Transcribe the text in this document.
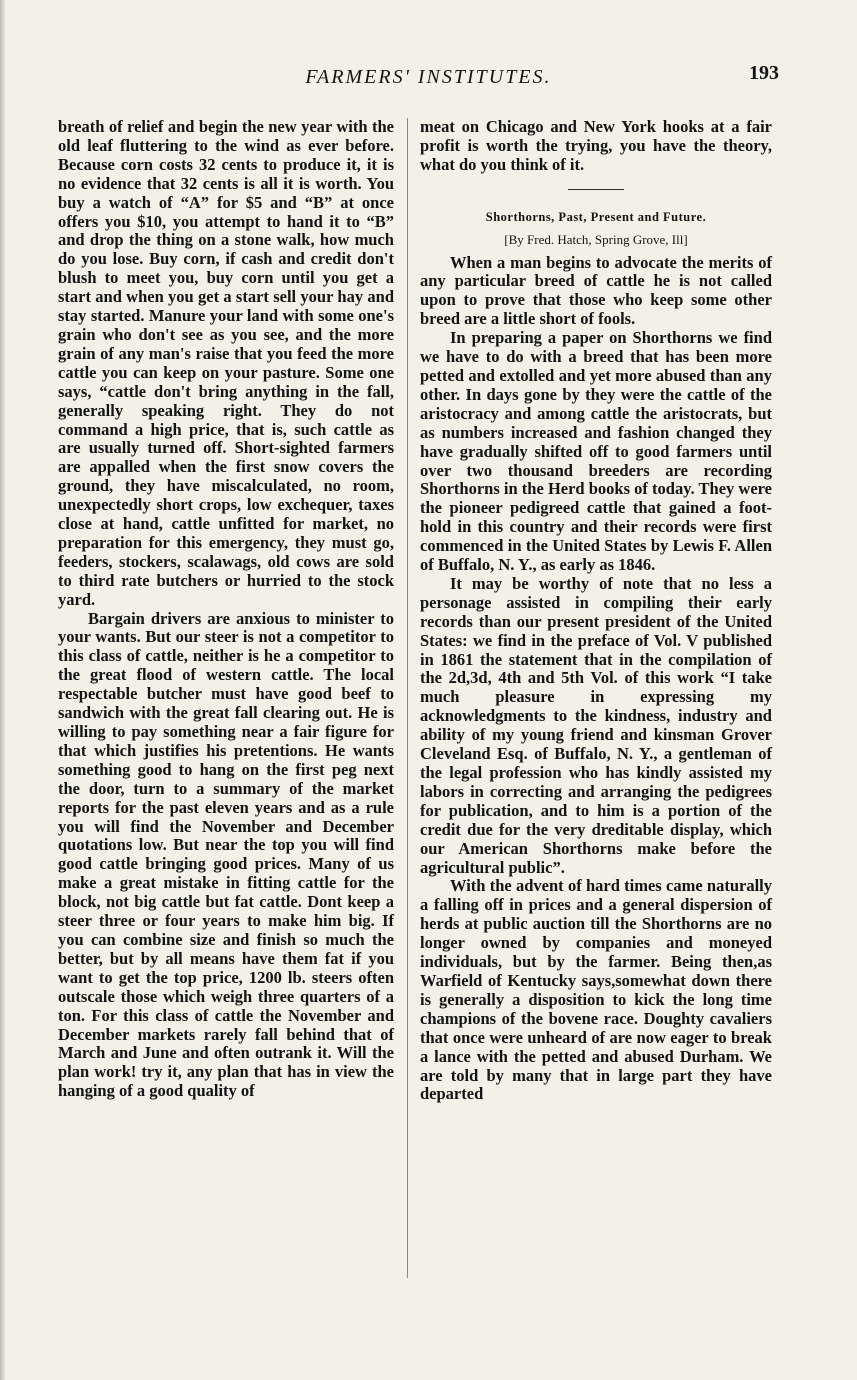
FARMERS' INSTITUTES.	193

breath of relief and begin the new year with the old leaf fluttering to the wind as ever before. Because corn costs 32 cents to produce it, it is no evidence that 32 cents is all it is worth. You buy a watch of “A” for $5 and “B” at once offers you $10, you attempt to hand it to “B” and drop the thing on a stone walk, how much do you lose. Buy corn, if cash and credit don't blush to meet you, buy corn until you get a start and when you get a start sell your hay and stay started. Manure your land with some one's grain who don't see as you see, and the more grain of any man's raise that you feed the more cattle you can keep on your pasture. Some one says, “cattle don't bring anything in the fall, generally speaking right. They do not command a high price, that is, such cattle as are usually turned off. Short-sighted farmers are appalled when the first snow covers the ground, they have miscalculated, no room, unexpectedly short crops, low exchequer, taxes close at hand, cattle unfitted for market, no preparation for this emergency, they must go, feeders, stockers, scalawags, old cows are sold to third rate butchers or hurried to the stock yard.

Bargain drivers are anxious to minister to your wants. But our steer is not a competitor to this class of cattle, neither is he a competitor to the great flood of western cattle. The local respectable butcher must have good beef to sandwich with the great fall clearing out. He is willing to pay something near a fair figure for that which justifies his pretentions. He wants something good to hang on the first peg next the door, turn to a summary of the market reports for the past eleven years and as a rule you will find the November and December quotations low. But near the top you will find good cattle bringing good prices. Many of us make a great mistake in fitting cattle for the block, not big cattle but fat cattle. Dont keep a steer three or four years to make him big. If you can combine size and finish so much the better, but by all means have them fat if you want to get the top price, 1200 lb. steers often outscale those which weigh three quarters of a ton. For this class of cattle the November and December markets rarely fall behind that of March and June and often outrank it. Will the plan work! try it, any plan that has in view the hanging of a good quality of

meat on Chicago and New York hooks at a fair profit is worth the trying, you have the theory, what do you think of it.

Shorthorns, Past, Present and Future.
[By Fred. Hatch, Spring Grove, Ill]

When a man begins to advocate the merits of any particular breed of cattle he is not called upon to prove that those who keep some other breed are a little short of fools.

In preparing a paper on Shorthorns we find we have to do with a breed that has been more petted and extolled and yet more abused than any other. In days gone by they were the cattle of the aristocracy and among cattle the aristocrats, but as numbers increased and fashion changed they have gradually shifted off to good farmers until over two thousand breeders are recording Shorthorns in the Herd books of today. They were the pioneer pedigreed cattle that gained a foot-hold in this country and their records were first commenced in the United States by Lewis F. Allen of Buffalo, N. Y., as early as 1846.

It may be worthy of note that no less a personage assisted in compiling their early records than our present president of the United States: we find in the preface of Vol. V published in 1861 the statement that in the compilation of the 2d,3d, 4th and 5th Vol. of this work “I take much pleasure in expressing my acknowledgments to the kindness, industry and ability of my young friend and kinsman Grover Cleveland Esq. of Buffalo, N. Y., a gentleman of the legal profession who has kindly assisted my labors in correcting and arranging the pedigrees for publication, and to him is a portion of the credit due for the very dreditable display, which our American Shorthorns make before the agricultural public”.

With the advent of hard times came naturally a falling off in prices and a general dispersion of herds at public auction till the Shorthorns are no longer owned by companies and moneyed individuals, but by the farmer. Being then,as Warfield of Kentucky says,somewhat down there is generally a disposition to kick the long time champions of the bovene race. Doughty cavaliers that once were unheard of are now eager to break a lance with the petted and abused Durham. We are told by many that in large part they have departed
